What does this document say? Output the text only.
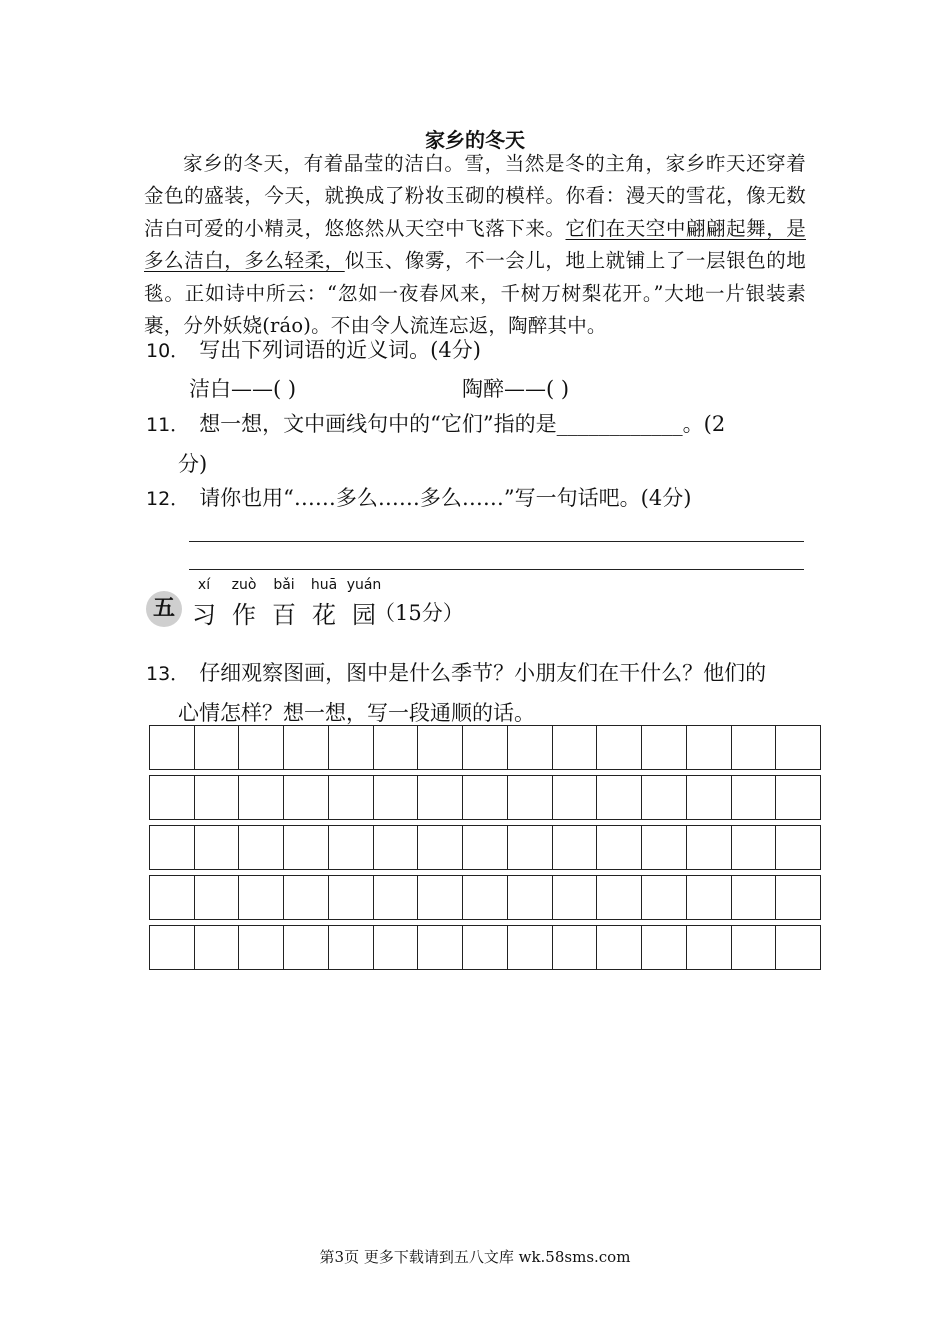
家乡的冬天
家乡的冬天，有着晶莹的洁白。雪，当然是冬的主角，家乡昨天还穿着金色的盛装，今天，就换成了粉妆玉砌的模样。你看：漫天的雪花，像无数洁白可爱的小精灵，悠悠然从天空中飞落下来。它们在天空中翩翩起舞，是多么洁白，多么轻柔，似玉、像雾，不一会儿，地上就铺上了一层银色的地毯。正如诗中所云：“忽如一夜春风来，千树万树梨花开。”大地一片银装素裹，分外妖娆(ráo)。不由令人流连忘返，陶醉其中。
10． 写出下列词语的近义词。(4分)
洁白——( )	陶醉——( )
11． 想一想，文中画线句中的“它们”指的是____________。(2
分)
12． 请你也用“……多么……多么……”写一句话吧。(4分)
五
xí	zuò	bǎi	huā yuán
习 作 百 花 园
（15分）
13． 仔细观察图画，图中是什么季节？小朋友们在干什么？他们的
心情怎样？想一想，写一段通顺的话。
第3页 更多下载请到五八文库 wk.58sms.com
